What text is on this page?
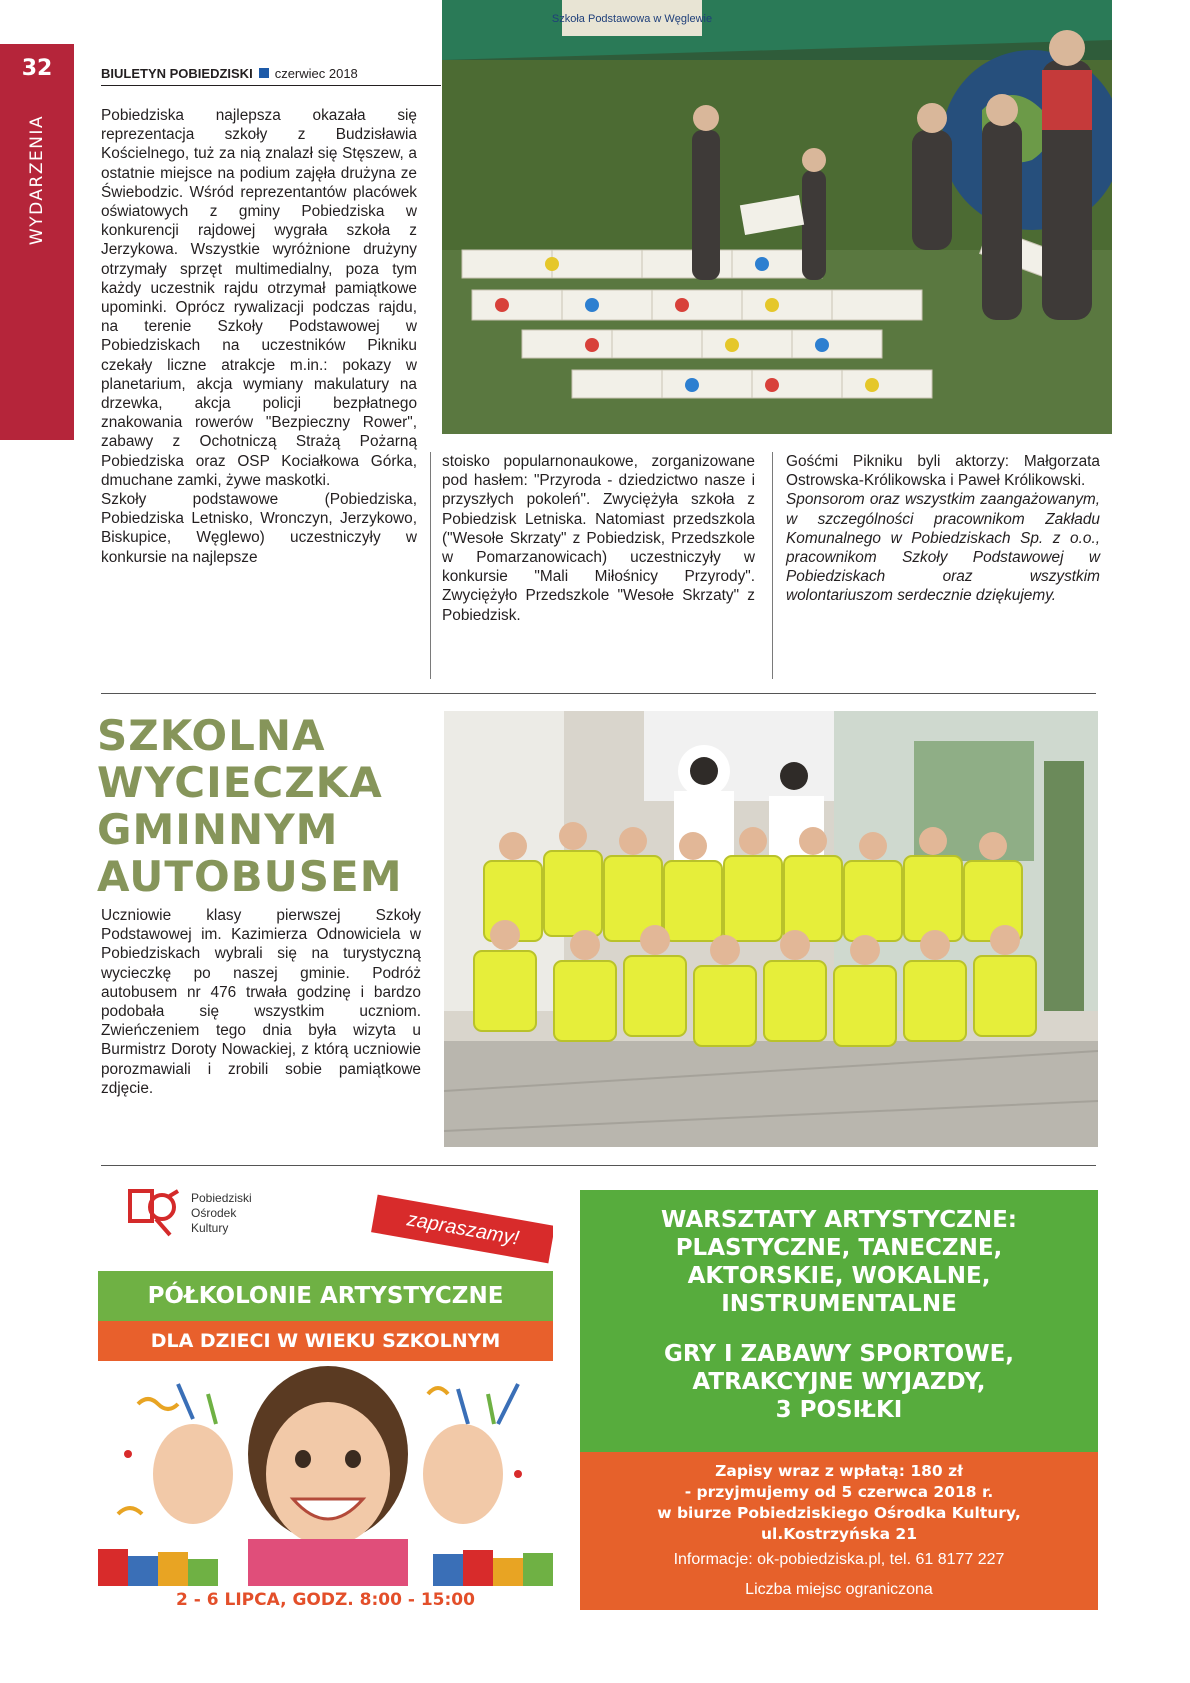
32
WYDARZENIA
BIULETYN POBIEDZISKI czerwiec 2018

Pobiedziska najlepsza okazała się reprezentacja szkoły z Budzisławia Kościelnego, tuż za nią znalazł się Stęszew, a ostatnie miejsce na podium zajęła drużyna ze Świebodzic. Wśród reprezentantów placówek oświatowych z gminy Pobiedziska w konkurencji rajdowej wygrała szkoła z Jerzykowa. Wszystkie wyróżnione drużyny otrzymały sprzęt multimedialny, poza tym każdy uczestnik rajdu otrzymał pamiątkowe upominki. Oprócz rywalizacji podczas rajdu, na terenie Szkoły Podstawowej w Pobiedziskach na uczestników Pikniku czekały liczne atrakcje m.in.: pokazy w planetarium, akcja wymiany makulatury na drzewka, akcja policji bezpłatnego znakowania rowerów "Bezpieczny Rower", zabawy z Ochotniczą Strażą Pożarną Pobiedziska oraz OSP Kociałkowa Górka, dmuchane zamki, żywe maskotki.

Szkoły podstawowe (Pobiedziska, Pobiedziska Letnisko, Wronczyn, Jerzykowo, Biskupice, Węglewo) uczestniczyły w konkursie na najlepsze

Szkoła Podstawowa w Węglewie

stoisko popularnonaukowe, zorganizowane pod hasłem: "Przyroda - dziedzictwo nasze i przyszłych pokoleń". Zwyciężyła szkoła z Pobiedzisk Letniska. Natomiast przedszkola ("Wesołe Skrzaty" z Pobiedzisk, Przedszkole w Pomarzanowicach) uczestniczyły w konkursie "Mali Miłośnicy Przyrody". Zwyciężyło Przedszkole "Wesołe Skrzaty" z Pobiedzisk.

Gośćmi Pikniku byli aktorzy: Małgorzata Ostrowska-Królikowska i Paweł Królikowski.

Sponsorom oraz wszystkim zaangażowanym, w szczególności pracownikom Zakładu Komunalnego w Pobiedziskach Sp. z o.o., pracownikom Szkoły Podstawowej w Pobiedziskach oraz wszystkim wolontariuszom serdecznie dziękujemy.

SZKOLNA
WYCIECZKA
GMINNYM
AUTOBUSEM

Uczniowie klasy pierwszej Szkoły Podstawowej im. Kazimierza Odnowiciela w Pobiedziskach wybrali się na turystyczną wycieczkę po naszej gminie. Podróż autobusem nr 476 trwała godzinę i bardzo podobała się wszystkim uczniom. Zwieńczeniem tego dnia była wizyta u Burmistrz Doroty Nowackiej, z którą uczniowie porozmawiali i zrobili sobie pamiątkowe zdjęcie.

Pobiedziski
Ośrodek
Kultury	zapraszamy!
PÓŁKOLONIE ARTYSTYCZNE
DLA DZIECI W WIEKU SZKOLNYM
2 - 6 LIPCA, GODZ. 8:00 - 15:00
WARSZTATY ARTYSTYCZNE:
PLASTYCZNE, TANECZNE,
AKTORSKIE, WOKALNE,
INSTRUMENTALNE
GRY I ZABAWY SPORTOWE,
ATRAKCYJNE WYJAZDY,
3 POSIŁKI
Zapisy wraz z wpłatą: 180 zł
- przyjmujemy od 5 czerwca 2018 r.
w biurze Pobiedziskiego Ośrodka Kultury,
ul.Kostrzyńska 21
Informacje: ok-pobiedziska.pl, tel. 61 8177 227
Liczba miejsc ograniczona
